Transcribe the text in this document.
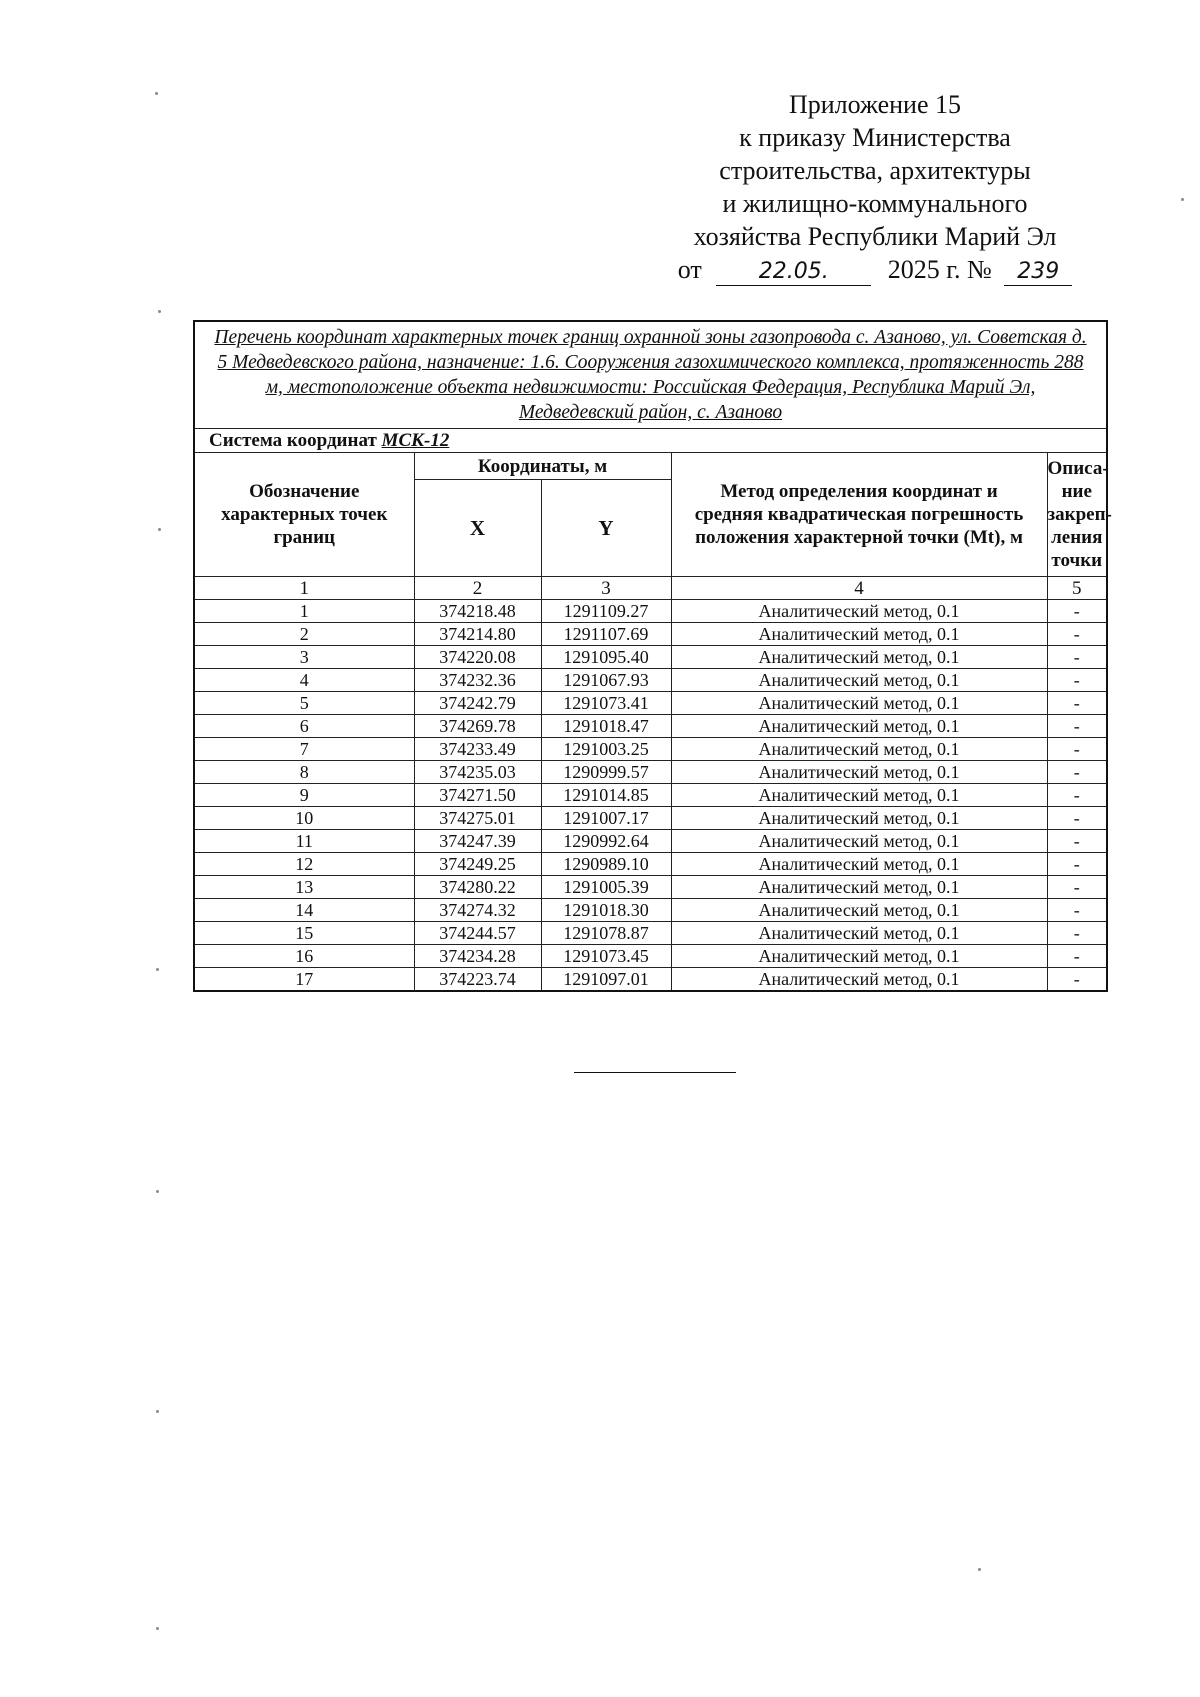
Приложение 15
к приказу Министерства
строительства, архитектуры
и жилищно-коммунального
хозяйства Республики Марий Эл
от	22.05. 2025 г. № 239
Перечень координат характерных точек границ охранной зоны газопровода с. Азаново, ул. Советская д. 5 Медведевского района, назначение: 1.6. Сооружения газохимического комплекса, протяженность 288 м, местоположение объекта недвижимости: Российская Федерация, Республика Марий Эл, Медведевский район, с. Азаново				
Система координат МСК-12				
Обозначение характерных точек границ	Координаты, м		Метод определения координат и средняя квадратическая погрешность положения характерной точки (Mt), м	Описа-ние закреп-ления точки
	X	Y		
1	2	3	4	5
1	374218.48	1291109.27	Аналитический метод, 0.1	-
2	374214.80	1291107.69	Аналитический метод, 0.1	-
3	374220.08	1291095.40	Аналитический метод, 0.1	-
4	374232.36	1291067.93	Аналитический метод, 0.1	-
5	374242.79	1291073.41	Аналитический метод, 0.1	-
6	374269.78	1291018.47	Аналитический метод, 0.1	-
7	374233.49	1291003.25	Аналитический метод, 0.1	-
8	374235.03	1290999.57	Аналитический метод, 0.1	-
9	374271.50	1291014.85	Аналитический метод, 0.1	-
10	374275.01	1291007.17	Аналитический метод, 0.1	-
11	374247.39	1290992.64	Аналитический метод, 0.1	-
12	374249.25	1290989.10	Аналитический метод, 0.1	-
13	374280.22	1291005.39	Аналитический метод, 0.1	-
14	374274.32	1291018.30	Аналитический метод, 0.1	-
15	374244.57	1291078.87	Аналитический метод, 0.1	-
16	374234.28	1291073.45	Аналитический метод, 0.1	-
17	374223.74	1291097.01	Аналитический метод, 0.1	-
